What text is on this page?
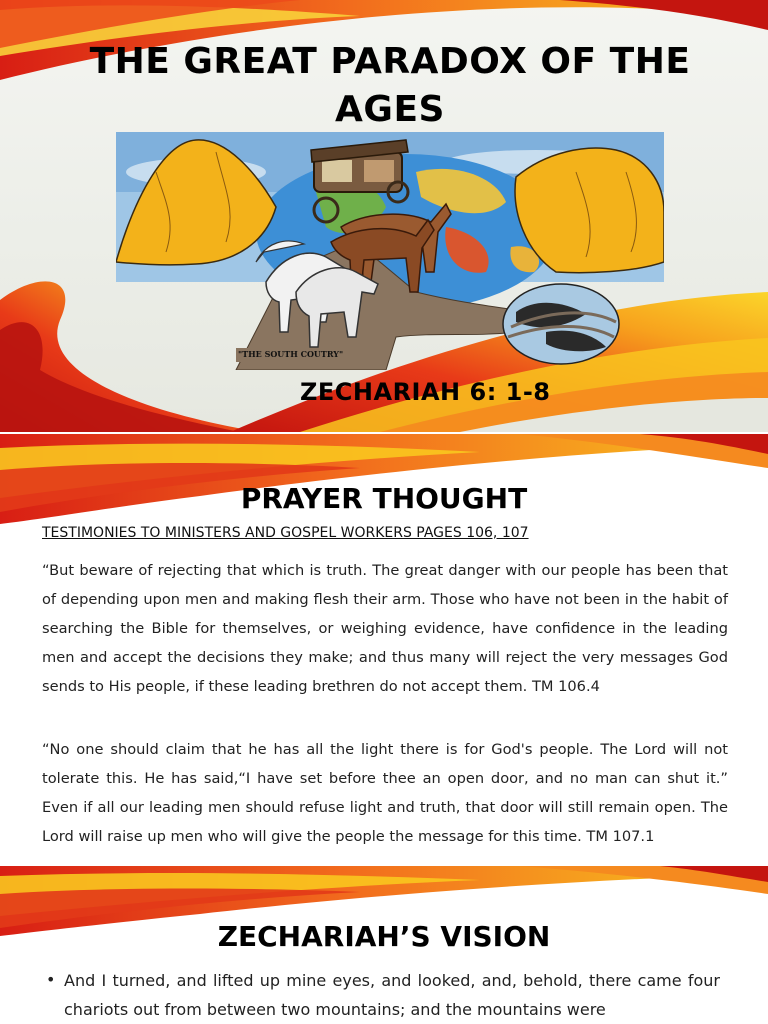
THE GREAT PARADOX OF THE AGES
"THE SOUTH COUTRY"
ZECHARIAH 6: 1-8
PRAYER THOUGHT
TESTIMONIES TO MINISTERS AND GOSPEL WORKERS PAGES 106, 107

“But beware of rejecting that which is truth. The great danger with our people has been that of depending upon men and making flesh their arm. Those who have not been in the habit of searching the Bible for themselves, or weighing evidence, have confidence in the leading men and accept the decisions they make; and thus many will reject the very messages God sends to His people, if these leading brethren do not accept them. TM 106.4

“No one should claim that he has all the light there is for God's people. The Lord will not tolerate this. He has said,“I have set before thee an open door, and no man can shut it.” Even if all our leading men should refuse light and truth, that door will still remain open. The Lord will raise up men who will give the people the message for this time. TM 107.1

ZECHARIAH’S VISION
• And I turned, and lifted up mine eyes, and looked, and, behold, there came four chariots out from between two mountains; and the mountains were
